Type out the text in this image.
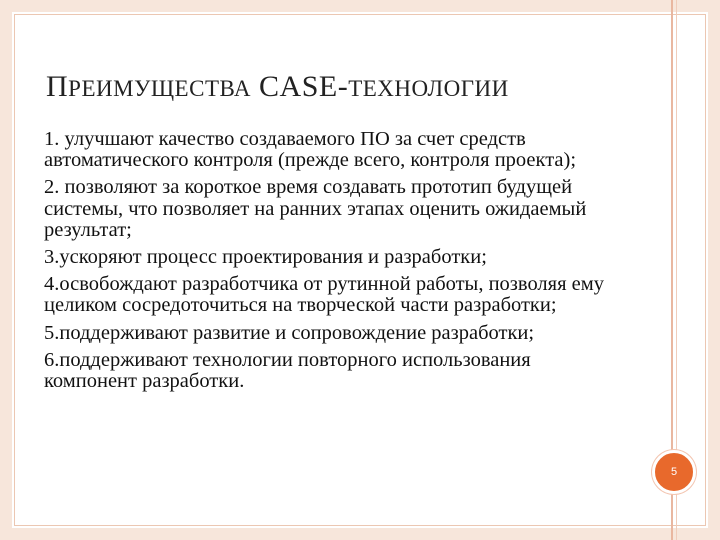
ПРЕИМУЩЕСТВА CASE-ТЕХНОЛОГИИ
1. улучшают качество создаваемого ПО за счет средств автоматического контроля (прежде всего, контроля проекта);
2. позволяют за короткое время создавать прототип будущей системы, что позволяет на ранних этапах оценить ожидаемый результат;
3.ускоряют процесс проектирования и разработки;
4.освобождают разработчика от рутинной работы, позволяя ему целиком сосредоточиться на творческой части разработки;
5.поддерживают развитие и сопровождение разработки;
6.поддерживают технологии повторного использования компонент разработки.
5
